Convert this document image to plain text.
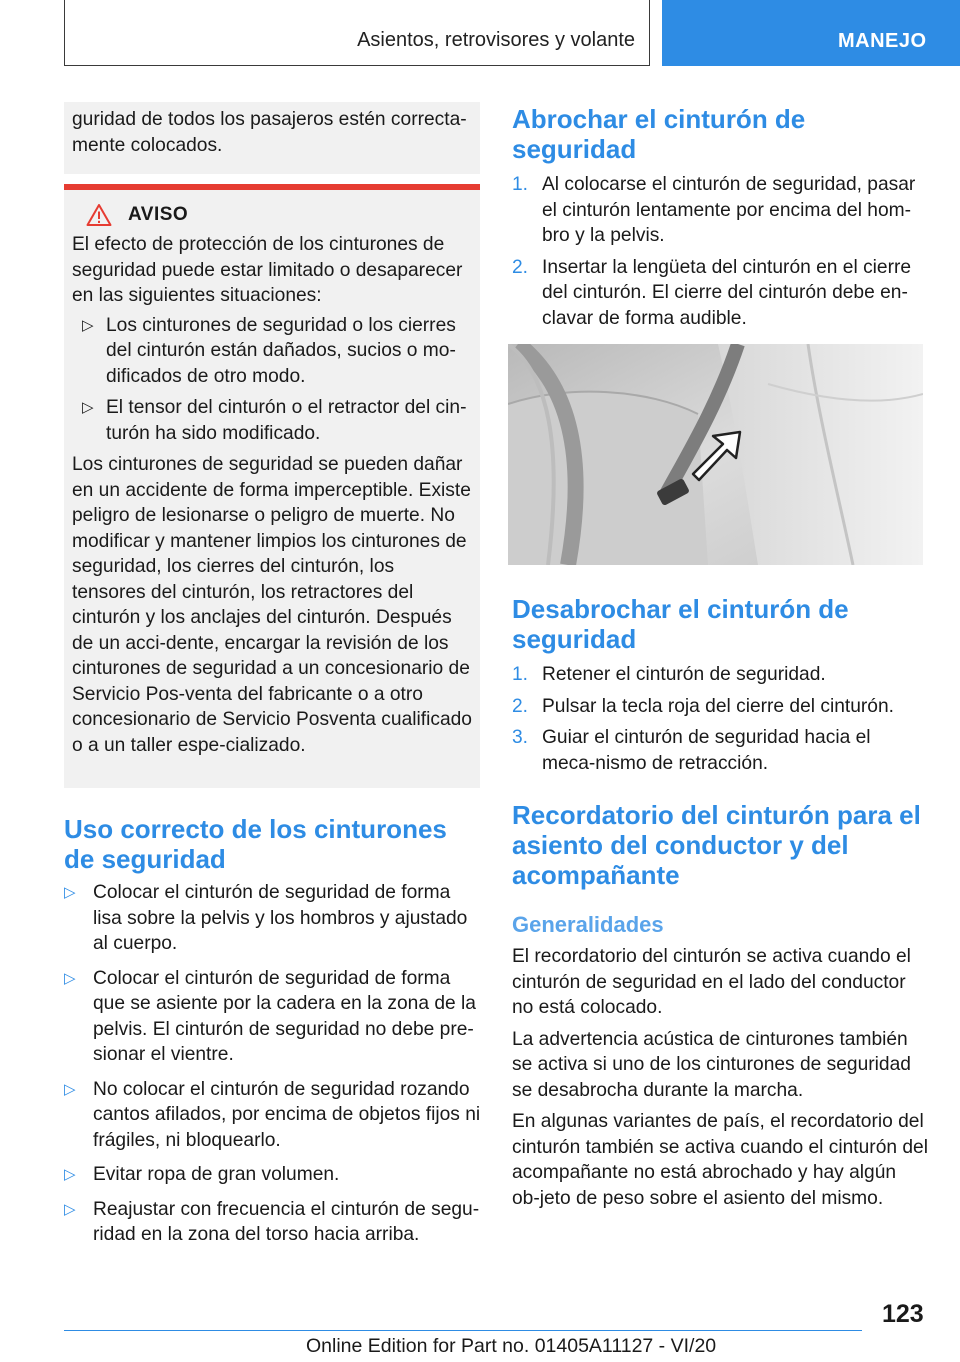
Asientos, retrovisores y volante	MANEJO
guridad de todos los pasajeros estén correcta-
mente colocados.
AVISO

El efecto de protección de los cinturones de seguridad puede estar limitado o desaparecer en las siguientes situaciones:

▷ Los cinturones de seguridad o los cierres del cinturón están dañados, sucios o mo-dificados de otro modo.
▷ El tensor del cinturón o el retractor del cin-turón ha sido modificado.

Los cinturones de seguridad se pueden dañar en un accidente de forma imperceptible. Existe peligro de lesionarse o peligro de muerte. No modificar y mantener limpios los cinturones de seguridad, los cierres del cinturón, los tensores del cinturón, los retractores del cinturón y los anclajes del cinturón. Después de un acci-dente, encargar la revisión de los cinturones de seguridad a un concesionario de Servicio Pos-venta del fabricante o a otro concesionario de Servicio Posventa cualificado o a un taller espe-cializado.

Uso correcto de los cinturones de seguridad
▷ Colocar el cinturón de seguridad de forma lisa sobre la pelvis y los hombros y ajustado al cuerpo.
▷ Colocar el cinturón de seguridad de forma que se asiente por la cadera en la zona de la pelvis. El cinturón de seguridad no debe pre-sionar el vientre.
▷ No colocar el cinturón de seguridad rozando cantos afilados, por encima de objetos fijos ni frágiles, ni bloquearlo.
▷ Evitar ropa de gran volumen.
▷ Reajustar con frecuencia el cinturón de segu-ridad en la zona del torso hacia arriba.
Abrochar el cinturón de seguridad
1. Al colocarse el cinturón de seguridad, pasar el cinturón lentamente por encima del hom-bro y la pelvis.
2. Insertar la lengüeta del cinturón en el cierre del cinturón. El cierre del cinturón debe en-clavar de forma audible.
Desabrochar el cinturón de seguridad
1. Retener el cinturón de seguridad.
2. Pulsar la tecla roja del cierre del cinturón.
3. Guiar el cinturón de seguridad hacia el meca-nismo de retracción.
Recordatorio del cinturón para el asiento del conductor y del acompañante
Generalidades

El recordatorio del cinturón se activa cuando el cinturón de seguridad en el lado del conductor no está colocado.

La advertencia acústica de cinturones también se activa si uno de los cinturones de seguridad se desabrocha durante la marcha.

En algunas variantes de país, el recordatorio del cinturón también se activa cuando el cinturón del acompañante no está abrochado y hay algún ob-jeto de peso sobre el asiento del mismo.

123
Online Edition for Part no. 01405A11127 - VI/20
